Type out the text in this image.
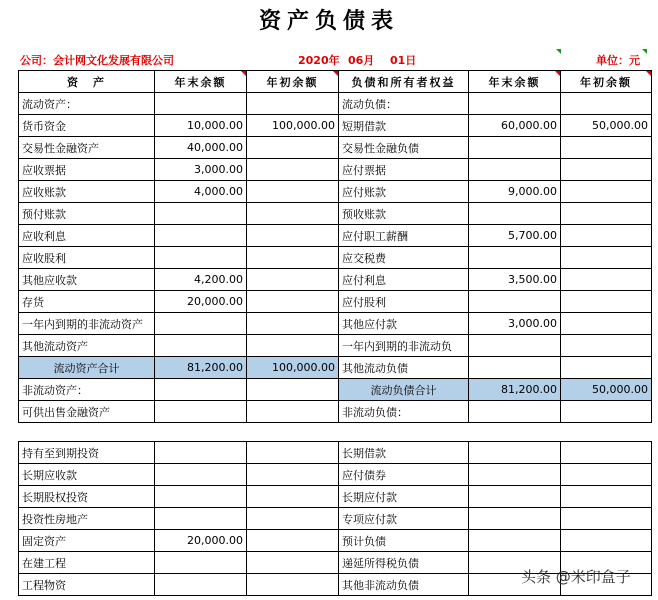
资产负债表
公司：会计网文化发展有限公司	2020年 06月 01日	单位：元
资　产	年末余额	年初余额	负债和所有者权益	年末余额	年初余额

流动资产：			流动负债：		
货币资金	10,000.00	100,000.00	短期借款	60,000.00	50,000.00
交易性金融资产	40,000.00		交易性金融负债		
应收票据	3,000.00		应付票据		
应收账款	4,000.00		应付账款	9,000.00	
预付账款			预收账款		
应收利息			应付职工薪酬	5,700.00	
应收股利			应交税费		
其他应收款	4,200.00		应付利息	3,500.00	
存货	20,000.00		应付股利		
一年内到期的非流动资产			其他应付款	3,000.00	
其他流动资产			一年内到期的非流动负		
流动资产合计	81,200.00	100,000.00	其他流动负债		
非流动资产：			流动负债合计	81,200.00	50,000.00
可供出售金融资产			非流动负债：		
持有至到期投资			长期借款		
长期应收款			应付债券		
长期股权投资			长期应付款		
投资性房地产			专项应付款		
固定资产	20,000.00		预计负债		
在建工程			递延所得税负债		
工程物资			其他非流动负债			头条 @米印盒子
